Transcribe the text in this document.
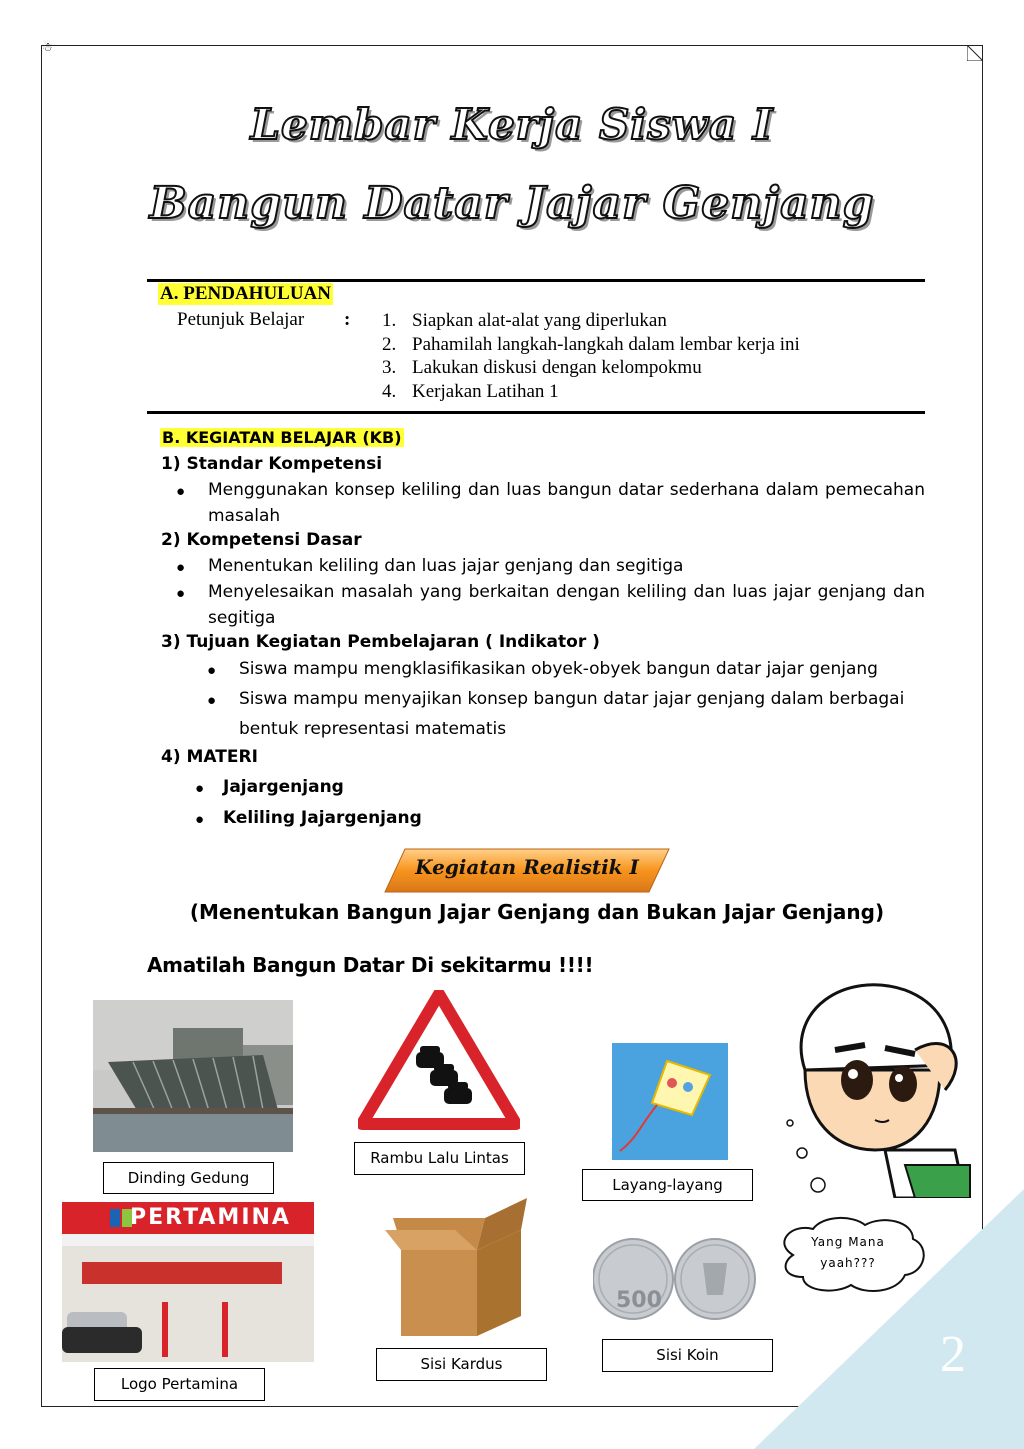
☃
2
Lembar Kerja Siswa I
Bangun Datar Jajar Genjang
A. PENDAHULUAN
Petunjuk Belajar : 1. Siapkan alat-alat yang diperlukan
2. Pahamilah langkah-langkah dalam lembar kerja ini
3. Lakukan diskusi dengan kelompokmu
4. Kerjakan Latihan 1
B. KEGIATAN BELAJAR (KB)
1) Standar Kompetensi
● Menggunakan konsep keliling dan luas bangun datar sederhana dalam pemecahan
masalah
2) Kompetensi Dasar
● Menentukan keliling dan luas jajar genjang dan segitiga
● Menyelesaikan masalah yang berkaitan dengan keliling dan luas jajar genjang dan
segitiga
3) Tujuan Kegiatan Pembelajaran ( Indikator )
● Siswa mampu mengklasifikasikan obyek-obyek bangun datar jajar genjang
● Siswa mampu menyajikan konsep bangun datar jajar genjang dalam berbagai
bentuk representasi matematis
4) MATERI
● Jajargenjang
● Keliling Jajargenjang
Kegiatan Realistik I
(Menentukan Bangun Jajar Genjang dan Bukan Jajar Genjang)
Amatilah Bangun Datar Di sekitarmu !!!!
Dinding Gedung
Rambu Lalu Lintas
Layang-layang
PERTAMINA
Logo Pertamina
Sisi Kardus
500
Sisi Koin
Yang Mana
yaah???
